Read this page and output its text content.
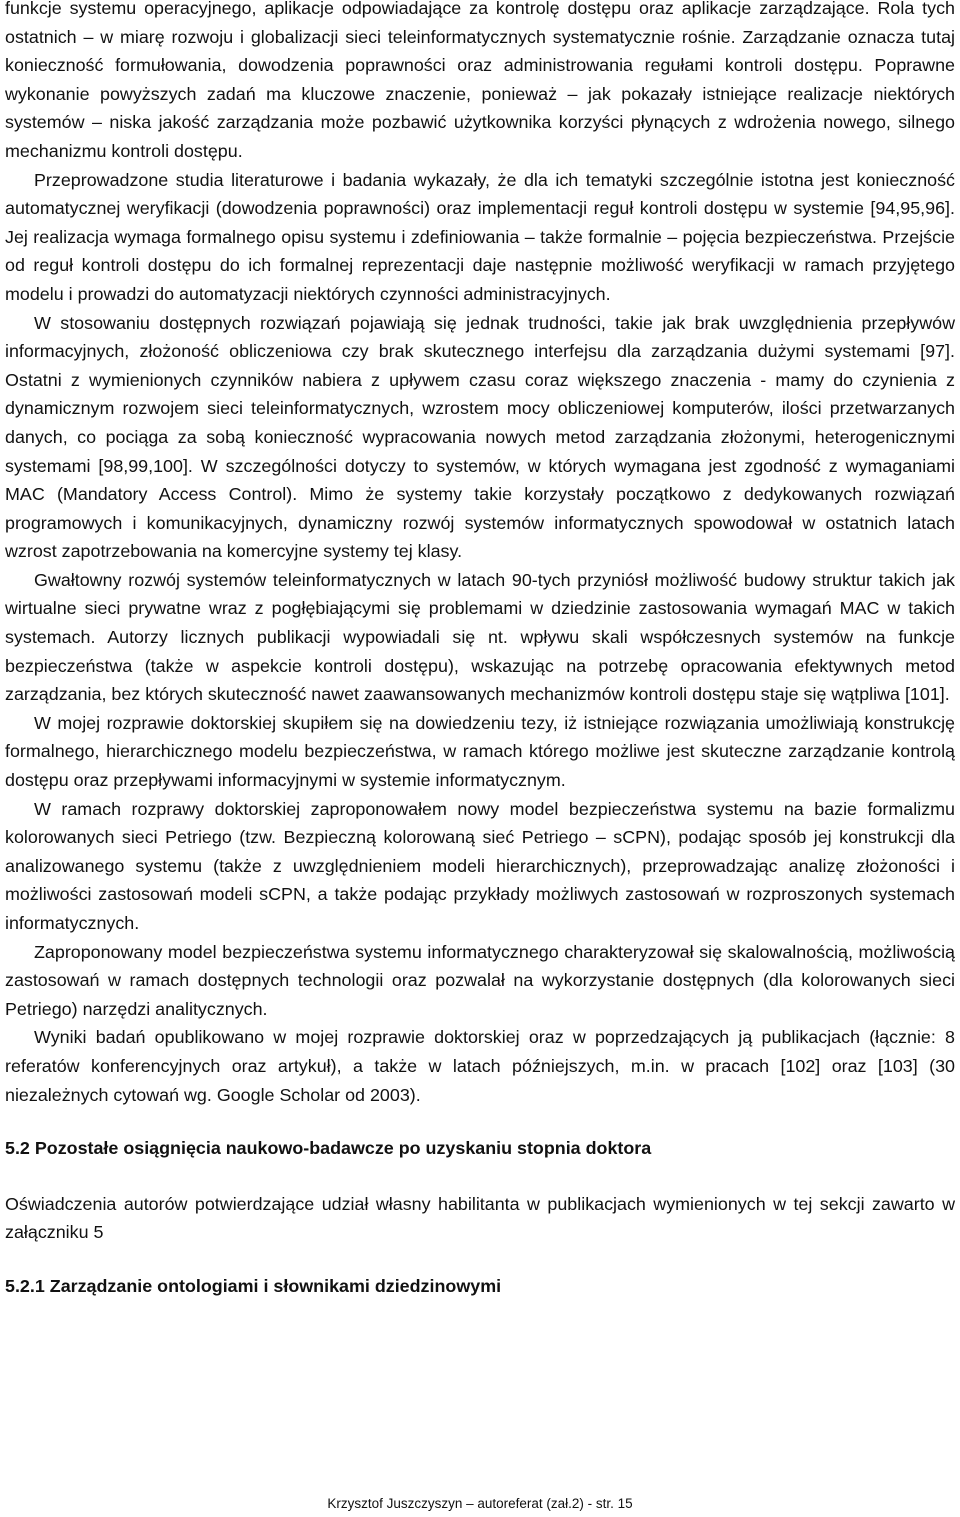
funkcje systemu operacyjnego, aplikacje odpowiadające za kontrolę dostępu oraz aplikacje zarządzające. Rola tych ostatnich – w miarę rozwoju i globalizacji sieci teleinformatycznych systematycznie rośnie. Zarządzanie oznacza tutaj konieczność formułowania, dowodzenia poprawności oraz administrowania regułami kontroli dostępu. Poprawne wykonanie powyższych zadań ma kluczowe znaczenie, ponieważ – jak pokazały istniejące realizacje niektórych systemów – niska jakość zarządzania może pozbawić użytkownika korzyści płynących z wdrożenia nowego, silnego mechanizmu kontroli dostępu.

Przeprowadzone studia literaturowe i badania wykazały, że dla ich tematyki szczególnie istotna jest konieczność automatycznej weryfikacji (dowodzenia poprawności) oraz implementacji reguł kontroli dostępu w systemie [94,95,96]. Jej realizacja wymaga formalnego opisu systemu i zdefiniowania – także formalnie – pojęcia bezpieczeństwa. Przejście od reguł kontroli dostępu do ich formalnej reprezentacji daje następnie możliwość weryfikacji w ramach przyjętego modelu i prowadzi do automatyzacji niektórych czynności administracyjnych.

W stosowaniu dostępnych rozwiązań pojawiają się jednak trudności, takie jak brak uwzględnienia przepływów informacyjnych, złożoność obliczeniowa czy brak skutecznego interfejsu dla zarządzania dużymi systemami [97]. Ostatni z wymienionych czynników nabiera z upływem czasu coraz większego znaczenia - mamy do czynienia z dynamicznym rozwojem sieci teleinformatycznych, wzrostem mocy obliczeniowej komputerów, ilości przetwarzanych danych, co pociąga za sobą konieczność wypracowania nowych metod zarządzania złożonymi, heterogenicznymi systemami [98,99,100]. W szczególności dotyczy to systemów, w których wymagana jest zgodność z wymaganiami MAC (Mandatory Access Control). Mimo że systemy takie korzystały początkowo z dedykowanych rozwiązań programowych i komunikacyjnych, dynamiczny rozwój systemów informatycznych spowodował w ostatnich latach wzrost zapotrzebowania na komercyjne systemy tej klasy.

Gwałtowny rozwój systemów teleinformatycznych w latach 90-tych przyniósł możliwość budowy struktur takich jak wirtualne sieci prywatne wraz z pogłębiającymi się problemami w dziedzinie zastosowania wymagań MAC w takich systemach. Autorzy licznych publikacji wypowiadali się nt. wpływu skali współczesnych systemów na funkcje bezpieczeństwa (także w aspekcie kontroli dostępu), wskazując na potrzebę opracowania efektywnych metod zarządzania, bez których skuteczność nawet zaawansowanych mechanizmów kontroli dostępu staje się wątpliwa [101].

W mojej rozprawie doktorskiej skupiłem się na dowiedzeniu tezy, iż istniejące rozwiązania umożliwiają konstrukcję formalnego, hierarchicznego modelu bezpieczeństwa, w ramach którego możliwe jest skuteczne zarządzanie kontrolą dostępu oraz przepływami informacyjnymi w systemie informatycznym.

W ramach rozprawy doktorskiej zaproponowałem nowy model bezpieczeństwa systemu na bazie formalizmu kolorowanych sieci Petriego (tzw. Bezpieczną kolorowaną sieć Petriego – sCPN), podając sposób jej konstrukcji dla analizowanego systemu (także z uwzględnieniem modeli hierarchicznych), przeprowadzając analizę złożoności i możliwości zastosowań modeli sCPN, a także podając przykłady możliwych zastosowań w rozproszonych systemach informatycznych.

Zaproponowany model bezpieczeństwa systemu informatycznego charakteryzował się skalowalnością, możliwością zastosowań w ramach dostępnych technologii oraz pozwalał na wykorzystanie dostępnych (dla kolorowanych sieci Petriego) narzędzi analitycznych.

Wyniki badań opublikowano w mojej rozprawie doktorskiej oraz w poprzedzających ją publikacjach (łącznie: 8 referatów konferencyjnych oraz artykuł), a także w latach późniejszych, m.in. w pracach [102] oraz [103] (30 niezależnych cytowań wg. Google Scholar od 2003).

5.2 Pozostałe osiągnięcia naukowo-badawcze po uzyskaniu stopnia doktora

Oświadczenia autorów potwierdzające udział własny habilitanta w publikacjach wymienionych w tej sekcji zawarto w załączniku 5

5.2.1 Zarządzanie ontologiami i słownikami dziedzinowymi
Krzysztof Juszczyszyn – autoreferat (zał.2) - str. 15
